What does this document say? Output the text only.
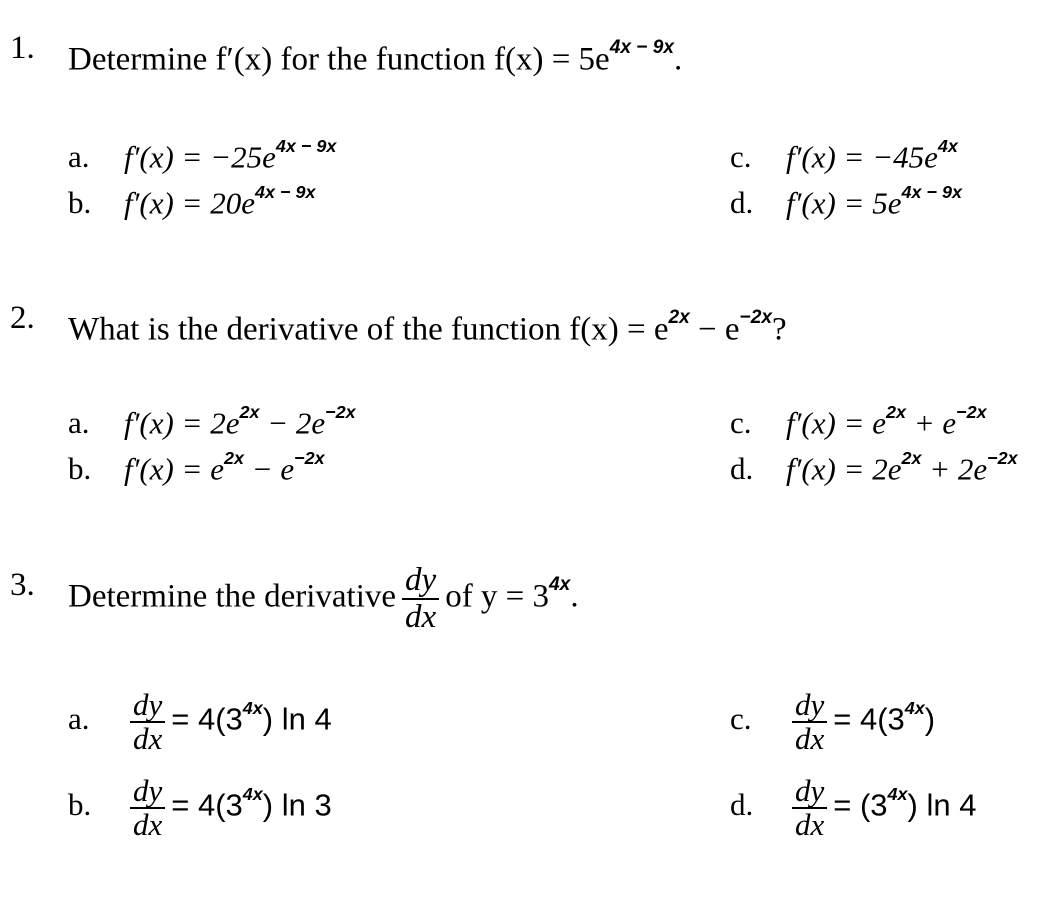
1. Determine f′(x) for the function $f(x) = 5e^{4x - 9x}$.
a. $f'(x) = -25e^{4x - 9x}$
b. $f'(x) = 20e^{4x - 9x}$
c. $f'(x) = -45e^{4x}$
d. $f'(x) = 5e^{4x - 9x}$
2. What is the derivative of the function $f(x) = e^{2x} - e^{-2x}$?
a. $f'(x) = 2e^{2x} - 2e^{-2x}$
b. $f'(x) = e^{2x} - e^{-2x}$
c. $f'(x) = e^{2x} + e^{-2x}$
d. $f'(x) = 2e^{2x} + 2e^{-2x}$
3. Determine the derivative $\frac{dy}{dx}$ of $y = 3^{4x}$.
a. $\frac{dy}{dx} = 4(3^{4x})$ ln 4
b. $\frac{dy}{dx} = 4(3^{4x})$ ln 3
c. $\frac{dy}{dx} = 4(3^{4x})$
d. $\frac{dy}{dx} = (3^{4x})$ ln 4
